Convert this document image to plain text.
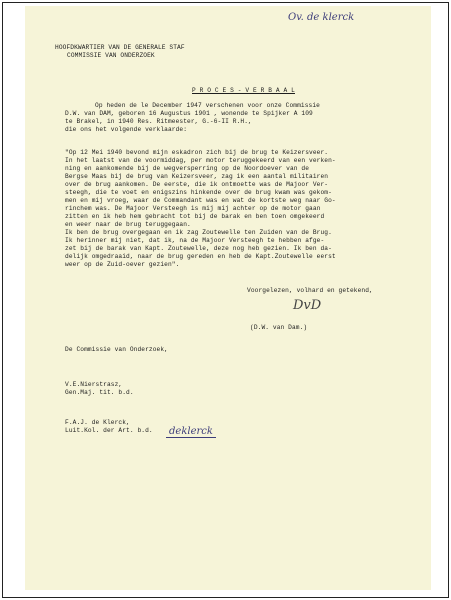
Ov. de klerck
HOOFDKWARTIER VAN DE GENERALE STAF
COMMISSIE VAN ONDERZOEK
P R O C E S - V E R B A A L
Op heden de le December 1947 verschenen voor onze Commissie
D.W. van DAM, geboren 16 Augustus 1901 , wonende te Spijker A 109
te Brakel, in 1940 Res. Ritmeester, G.-6-II R.H.,
die ons het volgende verklaarde:
"Op 12 Mei 1940 bevond mijn eskadron zich bij de brug te Keizersveer.
In het laatst van de voormiddag, per motor teruggekeerd van een verken-
ning en aankomende bij de wegversperring op de Noordoever van de
Bergse Maas bij de brug van Keizersveer, zag ik een aantal militairen
over de brug aankomen. De eerste, die ik ontmoette was de Majoor Ver-
steegh, die te voet en enigszins hinkende over de brug kwam was gekom-
men en mij vroeg, waar de Commandant was en wat de kortste weg naar Go-
rinchem was. De Majoor Versteegh is mij mij achter op de motor gaan
zitten en ik heb hem gebracht tot bij de barak en ben toen omgekeerd
en weer naar de brug teruggegaan.
Ik ben de brug overgegaan en ik zag Zoutewelle ten Zuiden van de Brug.
Ik herinner mij niet, dat ik, na de Majoor Versteegh te hebben afge-
zet bij de barak van Kapt. Zoutewelle, deze nog heb gezien. Ik ben da-
delijk omgedraaid, naar de brug gereden en heb de Kapt.Zoutewelle eerst
weer op de Zuid-oever gezien".
Voorgelezen, volhard en getekend,
DvD
(D.W. van Dam.)
De Commissie van Onderzoek,
V.E.Nierstrasz,
Gen.Maj. tit. b.d.
F.A.J. de Klerck,
Luit.Kol. der Art. b.d.	deklerck
